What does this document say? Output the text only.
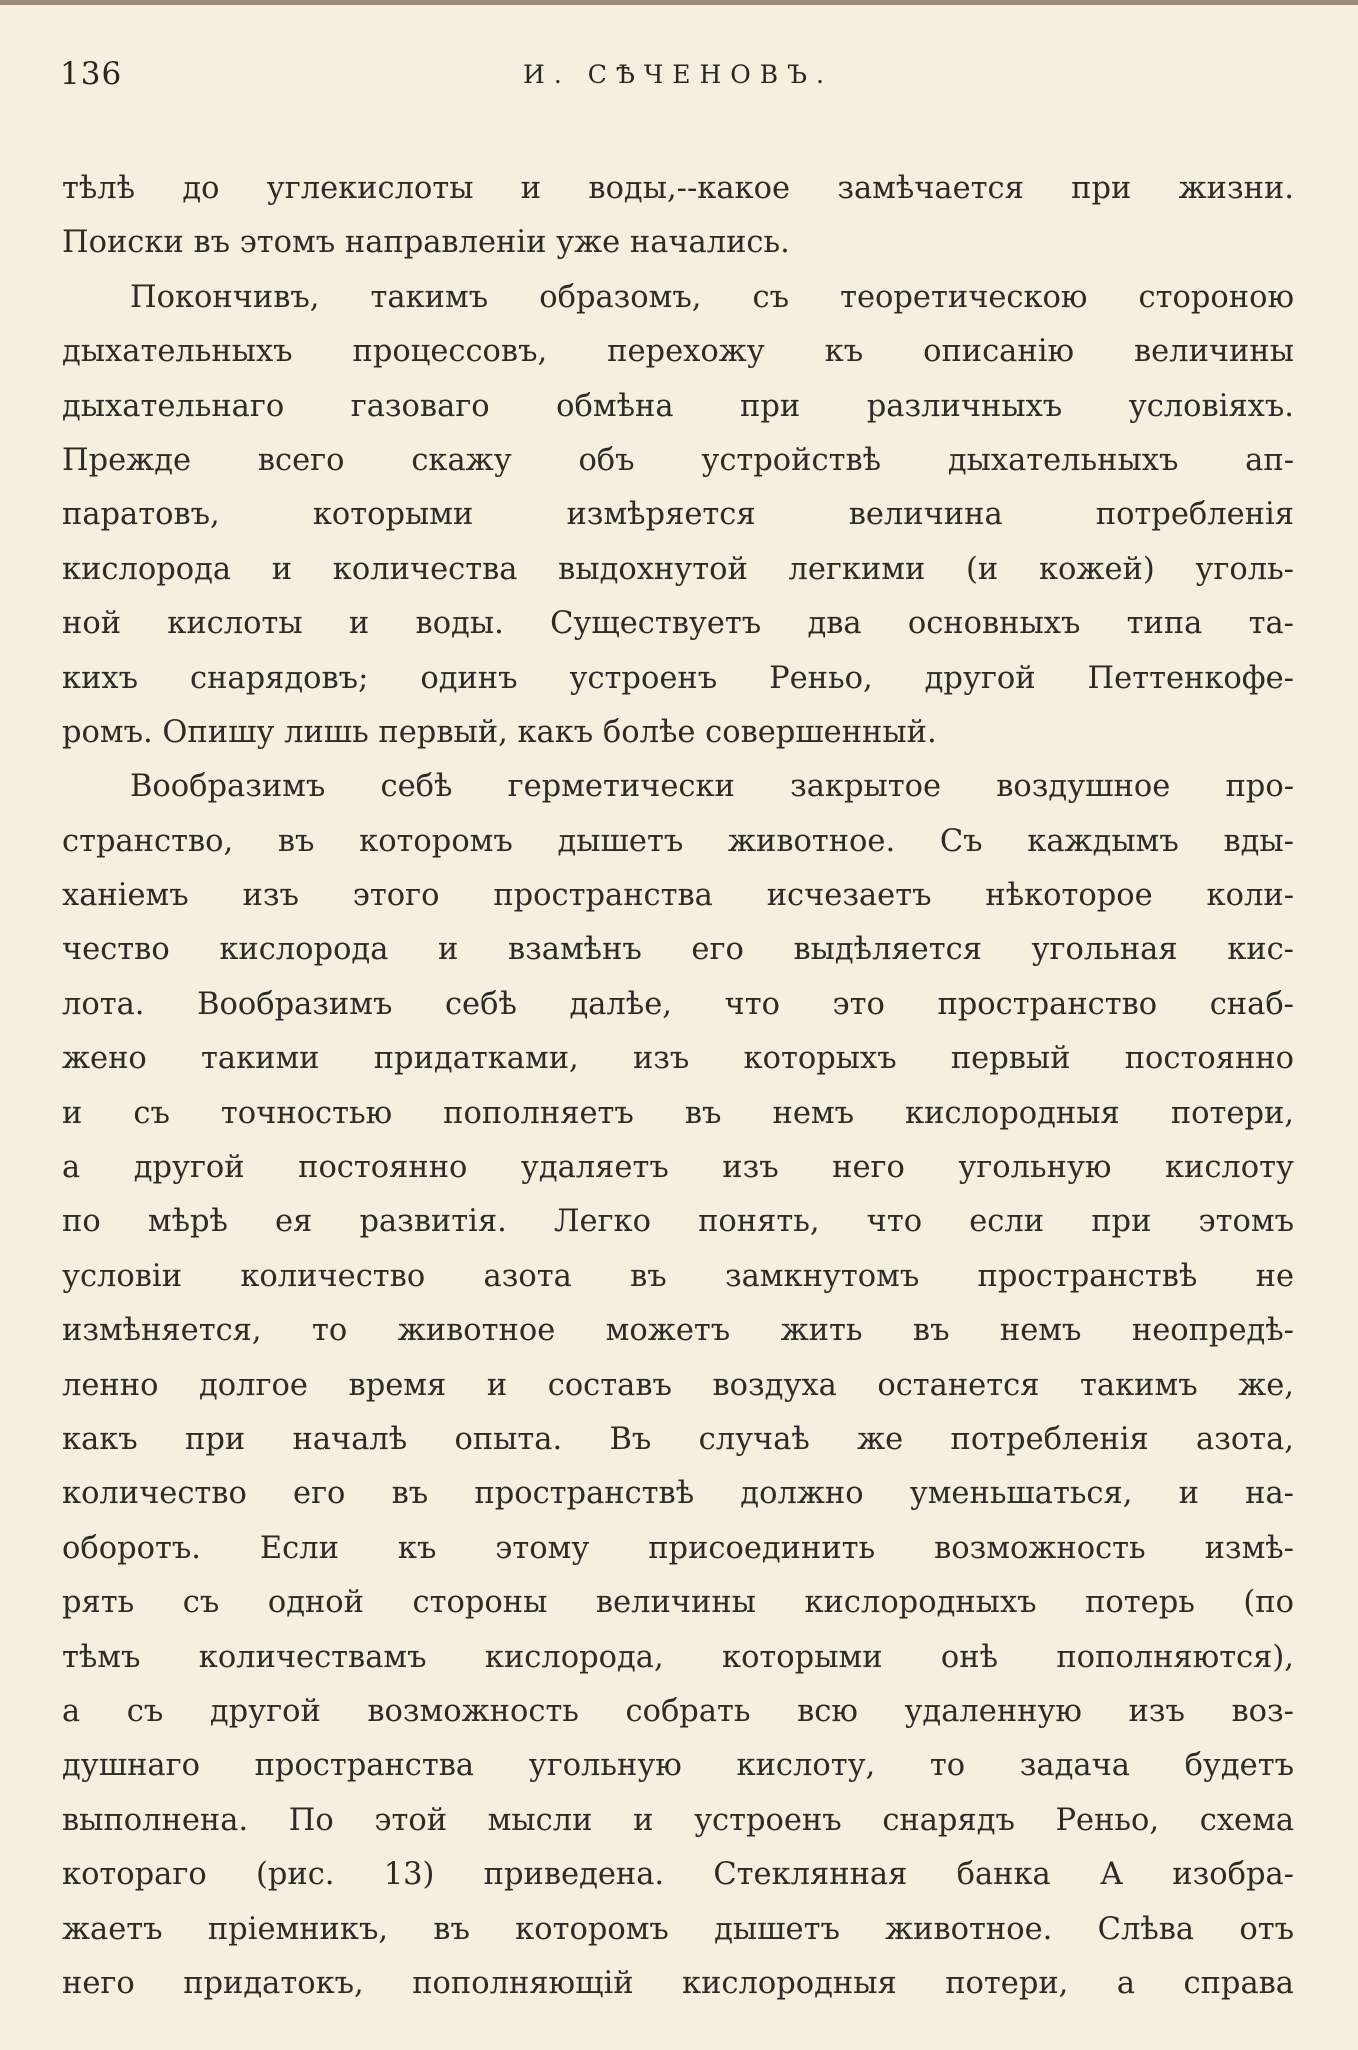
136	И. СѢЧЕНОВЪ.
тѣлѣ до углекислоты и воды,--какое замѣчается при жизни.
Поиски въ этомъ направленіи уже начались.
Покончивъ, такимъ образомъ, съ теоретическою стороною
дыхательныхъ процессовъ, перехожу къ описанію величины
дыхательнаго газоваго обмѣна при различныхъ условіяхъ.
Прежде всего скажу объ устройствѣ дыхательныхъ ап-
паратовъ, которыми измѣряется величина потребленія
кислорода и количества выдохнутой легкими (и кожей) уголь-
ной кислоты и воды. Существуетъ два основныхъ типа та-
кихъ снарядовъ; одинъ устроенъ Реньо, другой Петтенкофе-
ромъ. Опишу лишь первый, какъ болѣе совершенный.
Вообразимъ себѣ герметически закрытое воздушное про-
странство, въ которомъ дышетъ животное. Съ каждымъ вды-
ханіемъ изъ этого пространства исчезаетъ нѣкоторое коли-
чество кислорода и взамѣнъ его выдѣляется угольная кис-
лота. Вообразимъ себѣ далѣе, что это пространство снаб-
жено такими придатками, изъ которыхъ первый постоянно
и съ точностью пополняетъ въ немъ кислородныя потери,
а другой постоянно удаляетъ изъ него угольную кислоту
по мѣрѣ ея развитія. Легко понять, что если при этомъ
условіи количество азота въ замкнутомъ пространствѣ не
измѣняется, то животное можетъ жить въ немъ неопредѣ-
ленно долгое время и составъ воздуха останется такимъ же,
какъ при началѣ опыта. Въ случаѣ же потребленія азота,
количество его въ пространствѣ должно уменьшаться, и на-
оборотъ. Если къ этому присоединить возможность измѣ-
рять съ одной стороны величины кислородныхъ потерь (по
тѣмъ количествамъ кислорода, которыми онѣ пополняются),
а съ другой возможность собрать всю удаленную изъ воз-
душнаго пространства угольную кислоту, то задача будетъ
выполнена. По этой мысли и устроенъ снарядъ Реньо, схема
котораго (рис. 13) приведена. Стеклянная банка А изобра-
жаетъ пріемникъ, въ которомъ дышетъ животное. Слѣва отъ
него придатокъ, пополняющій кислородныя потери, а справа
